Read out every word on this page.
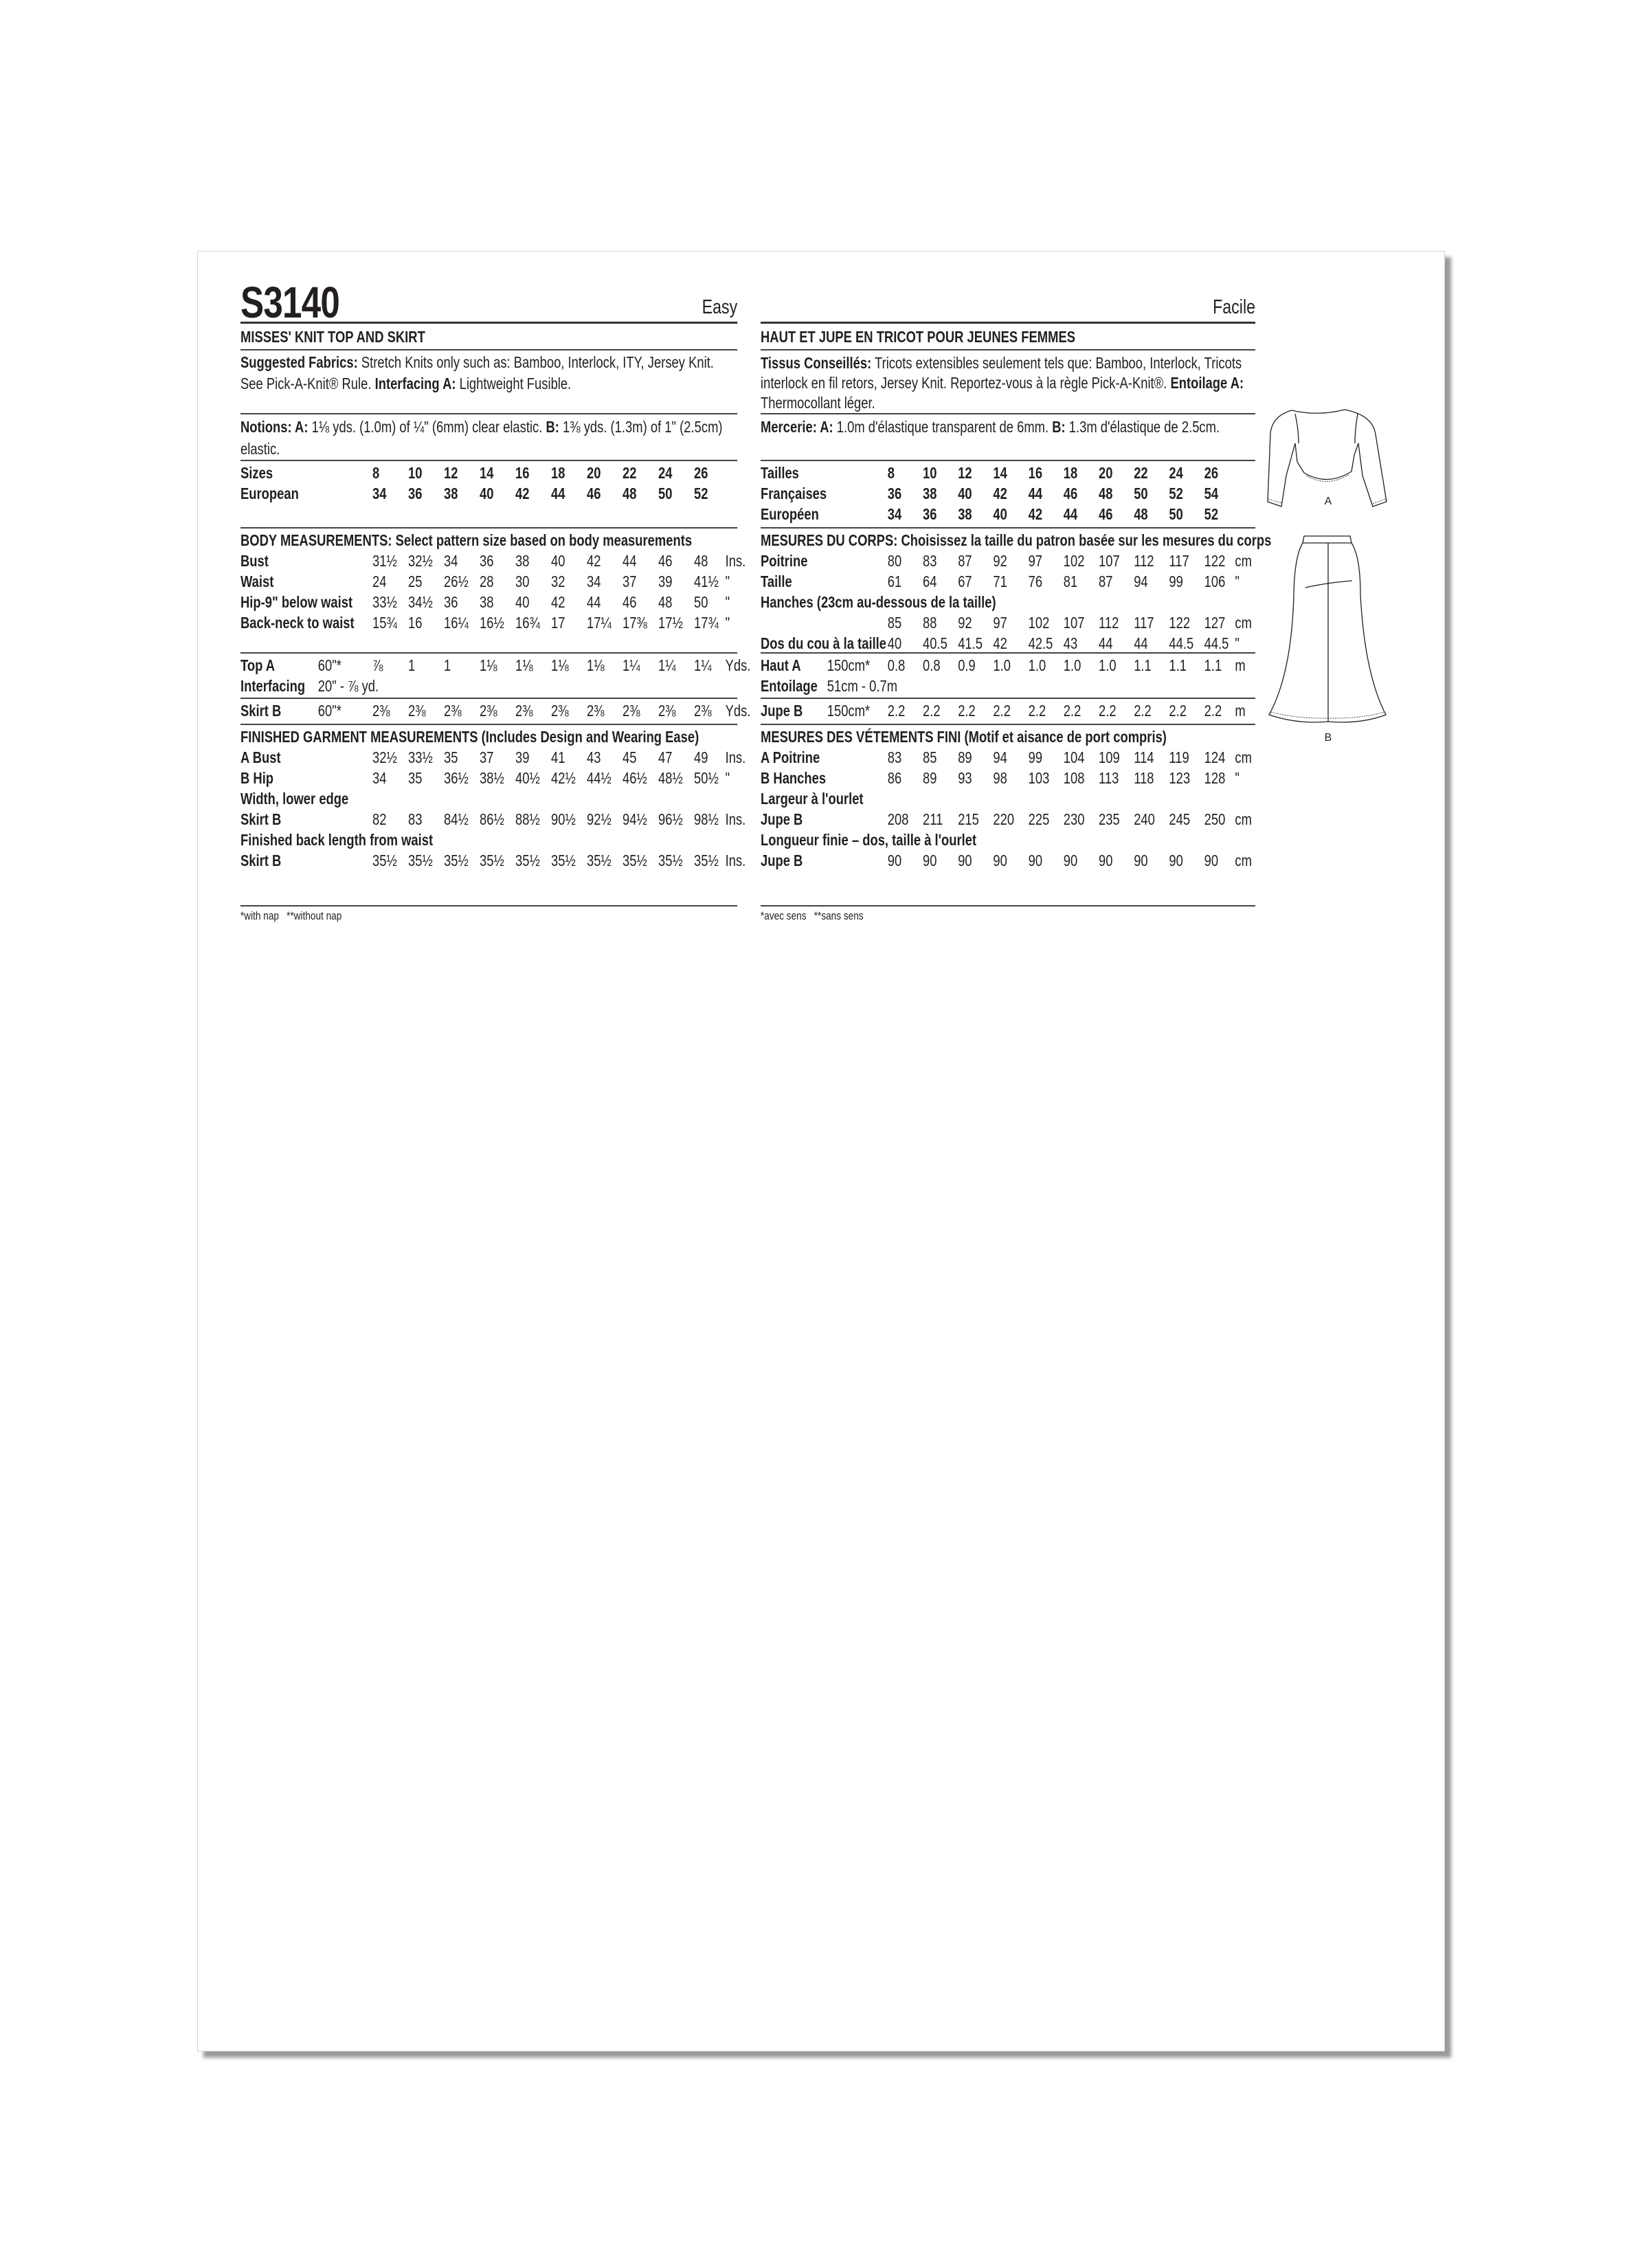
S3140	Easy
MISSES' KNIT TOP AND SKIRT
Suggested Fabrics: Stretch Knits only such as: Bamboo, Interlock, ITY, Jersey Knit. See Pick-A-Knit® Rule. Interfacing A: Lightweight Fusible.
Notions: A: 1⅛ yds. (1.0m) of ¼" (6mm) clear elastic. B: 1⅜ yds. (1.3m) of 1" (2.5cm) elastic.
Sizes	8	10	12	14	16	18	20	22	24	26
European	34	36	38	40	42	44	46	48	50	52
BODY MEASUREMENTS: Select pattern size based on body measurements
Bust	31½ 32½ 34	36	38	40	42	44	46	48	Ins.
Waist	24	25	26½ 28	30	32	34	37	39	41½ "
Hip-9" below waist	33½ 34½ 36	38	40	42	44	46	48	50	"
Back-neck to waist	15¾ 16	16¼ 16½ 16¾ 17	17¼ 17⅜ 17½ 17¾ "
Top A	60"*	⅞	1	1	1⅛	1⅛	1⅛	1⅛	1¼	1¼	1¼ Yds.
Interfacing 20" - ⅞ yd.
Skirt B	60"*	2⅜	2⅜	2⅜	2⅜	2⅜	2⅜	2⅜	2⅜	2⅜	2⅜ Yds.
FINISHED GARMENT MEASUREMENTS (Includes Design and Wearing Ease)
A Bust	32½ 33½ 35	37	39	41	43	45	47	49	Ins.
B Hip	34	35	36½ 38½ 40½ 42½ 44½ 46½ 48½ 50½ "
Width, lower edge
Skirt B	82	83	84½ 86½ 88½ 90½ 92½ 94½ 96½ 98½ Ins.
Finished back length from waist
Skirt B	35½ 35½ 35½ 35½ 35½ 35½ 35½ 35½ 35½ 35½ Ins.
*with nap **without nap
Facile
HAUT ET JUPE EN TRICOT POUR JEUNES FEMMES
Tissus Conseillés: Tricots extensibles seulement tels que: Bamboo, Interlock, Tricots interlock en fil retors, Jersey Knit. Reportez-vous à la règle Pick-A-Knit®. Entoilage A: Thermocollant léger.
Mercerie: A: 1.0m d'élastique transparent de 6mm. B: 1.3m d'élastique de 2.5cm.
Tailles	8	10	12	14	16	18	20	22	24	26
Françaises	36	38	40	42	44	46	48	50	52	54
Européen	34	36	38	40	42	44	46	48	50	52
MESURES DU CORPS: Choisissez la taille du patron basée sur les mesures du corps
Poitrine	80	83	87	92	97	102 107 112 117 122 cm
Taille	61	64	67	71	76	81	87	94	99	106 "
Hanches (23cm au-dessous de la taille)
85	88	92	97	102 107 112 117 122 127 cm
Dos du cou à la taille 40	40.5 41.5 42	42.5 43	44	44	44.5 44.5 "
Haut A	150cm*	0.8	0.8	0.9	1.0	1.0	1.0	1.0	1.1	1.1	1.1 m
Entoilage 51cm - 0.7m
Jupe B	150cm*	2.2	2.2	2.2	2.2	2.2	2.2	2.2	2.2	2.2	2.2 m
MESURES DES VÉTEMENTS FINI (Motif et aisance de port compris)
A Poitrine	83	85	89	94	99	104 109 114 119 124 cm
B Hanches	86	89	93	98	103 108 113 118 123 128 "
Largeur à l'ourlet
Jupe B	208 211 215 220 225 230 235 240 245 250 cm
Longueur finie – dos, taille à l'ourlet
Jupe B	90	90	90	90	90	90	90	90	90	90	cm
*avec sens **sans sens
A
B
